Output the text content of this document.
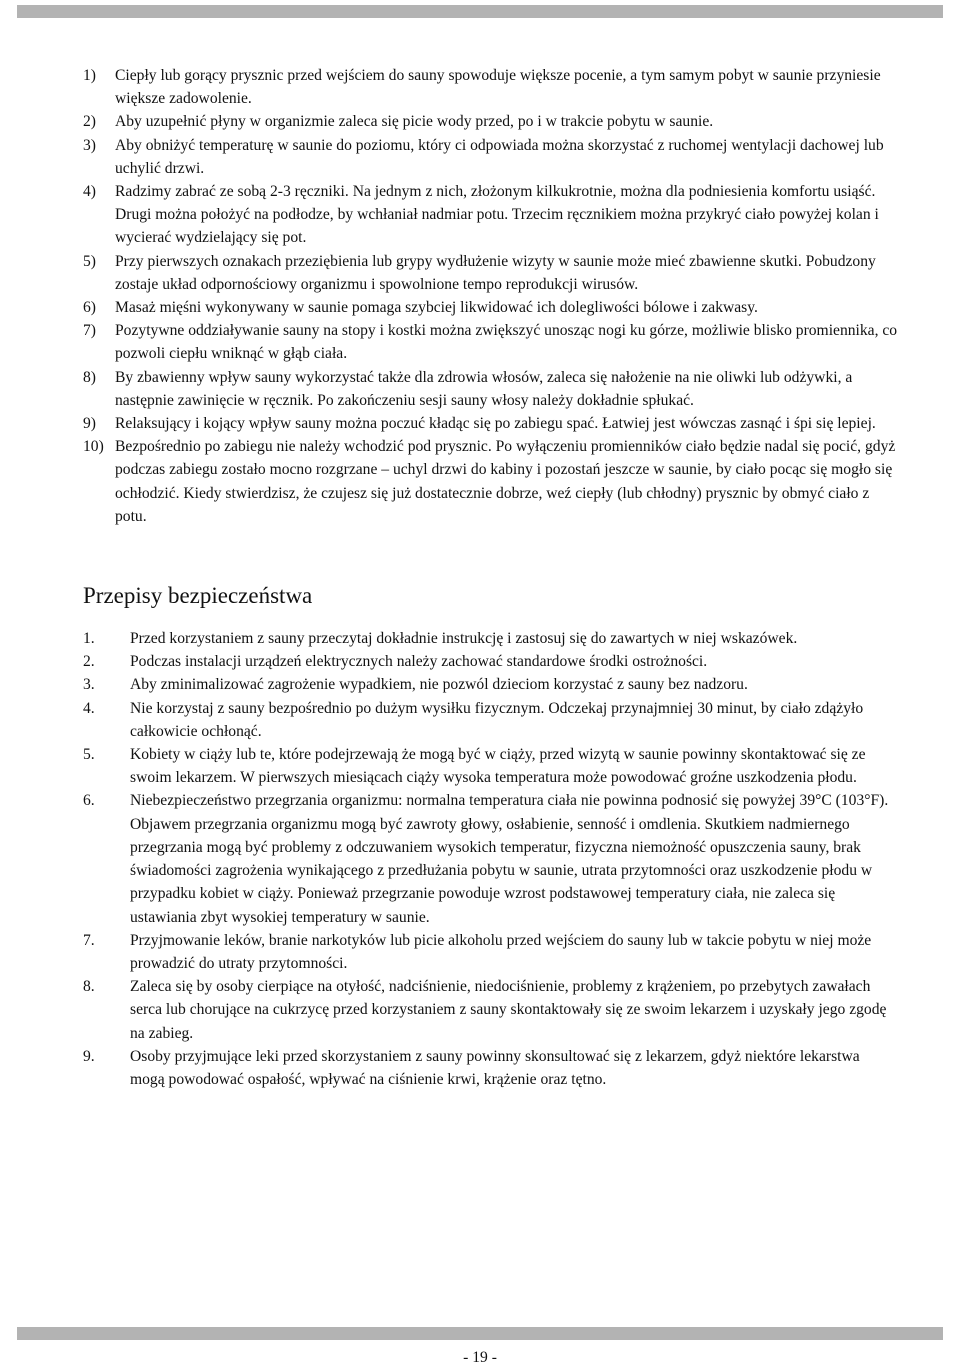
1)	Ciepły lub gorący prysznic przed wejściem do sauny spowoduje większe pocenie, a tym samym pobyt w saunie przyniesie większe zadowolenie.
2)	Aby uzupełnić płyny w organizmie zaleca się picie wody przed, po i w trakcie pobytu w saunie.
3)	Aby obniżyć temperaturę w saunie do poziomu, który ci odpowiada można skorzystać z ruchomej wentylacji dachowej lub uchylić drzwi.
4)	Radzimy zabrać ze sobą 2-3 ręczniki. Na jednym z nich, złożonym kilkukrotnie, można dla podniesienia komfortu usiąść. Drugi można położyć na podłodze, by wchłaniał nadmiar potu. Trzecim ręcznikiem można przykryć ciało powyżej kolan i wycierać wydzielający się pot.
5)	Przy pierwszych oznakach przeziębienia lub grypy wydłużenie wizyty w saunie może mieć zbawienne skutki. Pobudzony zostaje układ odpornościowy organizmu i spowolnione tempo reprodukcji wirusów.
6)	Masaż mięśni wykonywany w saunie pomaga szybciej likwidować ich dolegliwości bólowe i zakwasy.
7)	Pozytywne oddziaływanie sauny na stopy i kostki można zwiększyć unosząc nogi ku górze, możliwie blisko promiennika, co pozwoli ciepłu wniknąć w głąb ciała.
8)	By zbawienny wpływ sauny wykorzystać także dla zdrowia włosów, zaleca się nałożenie na nie oliwki lub odżywki, a następnie zawinięcie w ręcznik. Po zakończeniu sesji sauny włosy należy dokładnie spłukać.
9)	Relaksujący i kojący wpływ sauny można poczuć kładąc się po zabiegu spać. Łatwiej jest wówczas zasnąć i śpi się lepiej.
10) Bezpośrednio po zabiegu nie należy wchodzić pod prysznic. Po wyłączeniu promienników ciało będzie nadal się pocić, gdyż podczas zabiegu zostało mocno rozgrzane – uchyl drzwi do kabiny i pozostań jeszcze w saunie, by ciało pocąc się mogło się ochłodzić. Kiedy stwierdzisz, że czujesz się już dostatecznie dobrze, weź ciepły (lub chłodny) prysznic by obmyć ciało z potu.
Przepisy bezpieczeństwa
1.	Przed korzystaniem z sauny przeczytaj dokładnie instrukcję i zastosuj się do zawartych w niej wskazówek.
2.	Podczas instalacji urządzeń elektrycznych należy zachować standardowe środki ostrożności.
3.	Aby zminimalizować zagrożenie wypadkiem, nie pozwól dzieciom korzystać z sauny bez nadzoru.
4.	Nie korzystaj z sauny bezpośrednio po dużym wysiłku fizycznym. Odczekaj przynajmniej 30 minut, by ciało zdążyło całkowicie ochłonąć.
5.	Kobiety w ciąży lub te, które podejrzewają że mogą być w ciąży, przed wizytą w saunie powinny skontaktować się ze swoim lekarzem. W pierwszych miesiącach ciąży wysoka temperatura może powodować groźne uszkodzenia płodu.
6.	Niebezpieczeństwo przegrzania organizmu: normalna temperatura ciała nie powinna podnosić się powyżej 39°C (103°F). Objawem przegrzania organizmu mogą być zawroty głowy, osłabienie, senność i omdlenia. Skutkiem nadmiernego przegrzania mogą być problemy z odczuwaniem wysokich temperatur, fizyczna niemożność opuszczenia sauny, brak świadomości zagrożenia wynikającego z przedłużania pobytu w saunie, utrata przytomności oraz uszkodzenie płodu w przypadku kobiet w ciąży. Ponieważ przegrzanie powoduje wzrost podstawowej temperatury ciała, nie zaleca się ustawiania zbyt wysokiej temperatury w saunie.
7.	Przyjmowanie leków, branie narkotyków lub picie alkoholu przed wejściem do sauny lub w takcie pobytu w niej może prowadzić do utraty przytomności.
8.	Zaleca się by osoby cierpiące na otyłość, nadciśnienie, niedociśnienie, problemy z krążeniem, po przebytych zawałach serca lub chorujące na cukrzycę przed korzystaniem z sauny skontaktowały się ze swoim lekarzem i uzyskały jego zgodę na zabieg.
9.	Osoby przyjmujące leki przed skorzystaniem z sauny powinny skonsultować się z lekarzem, gdyż niektóre lekarstwa mogą powodować ospałość, wpływać na ciśnienie krwi, krążenie oraz tętno.
- 19 -
